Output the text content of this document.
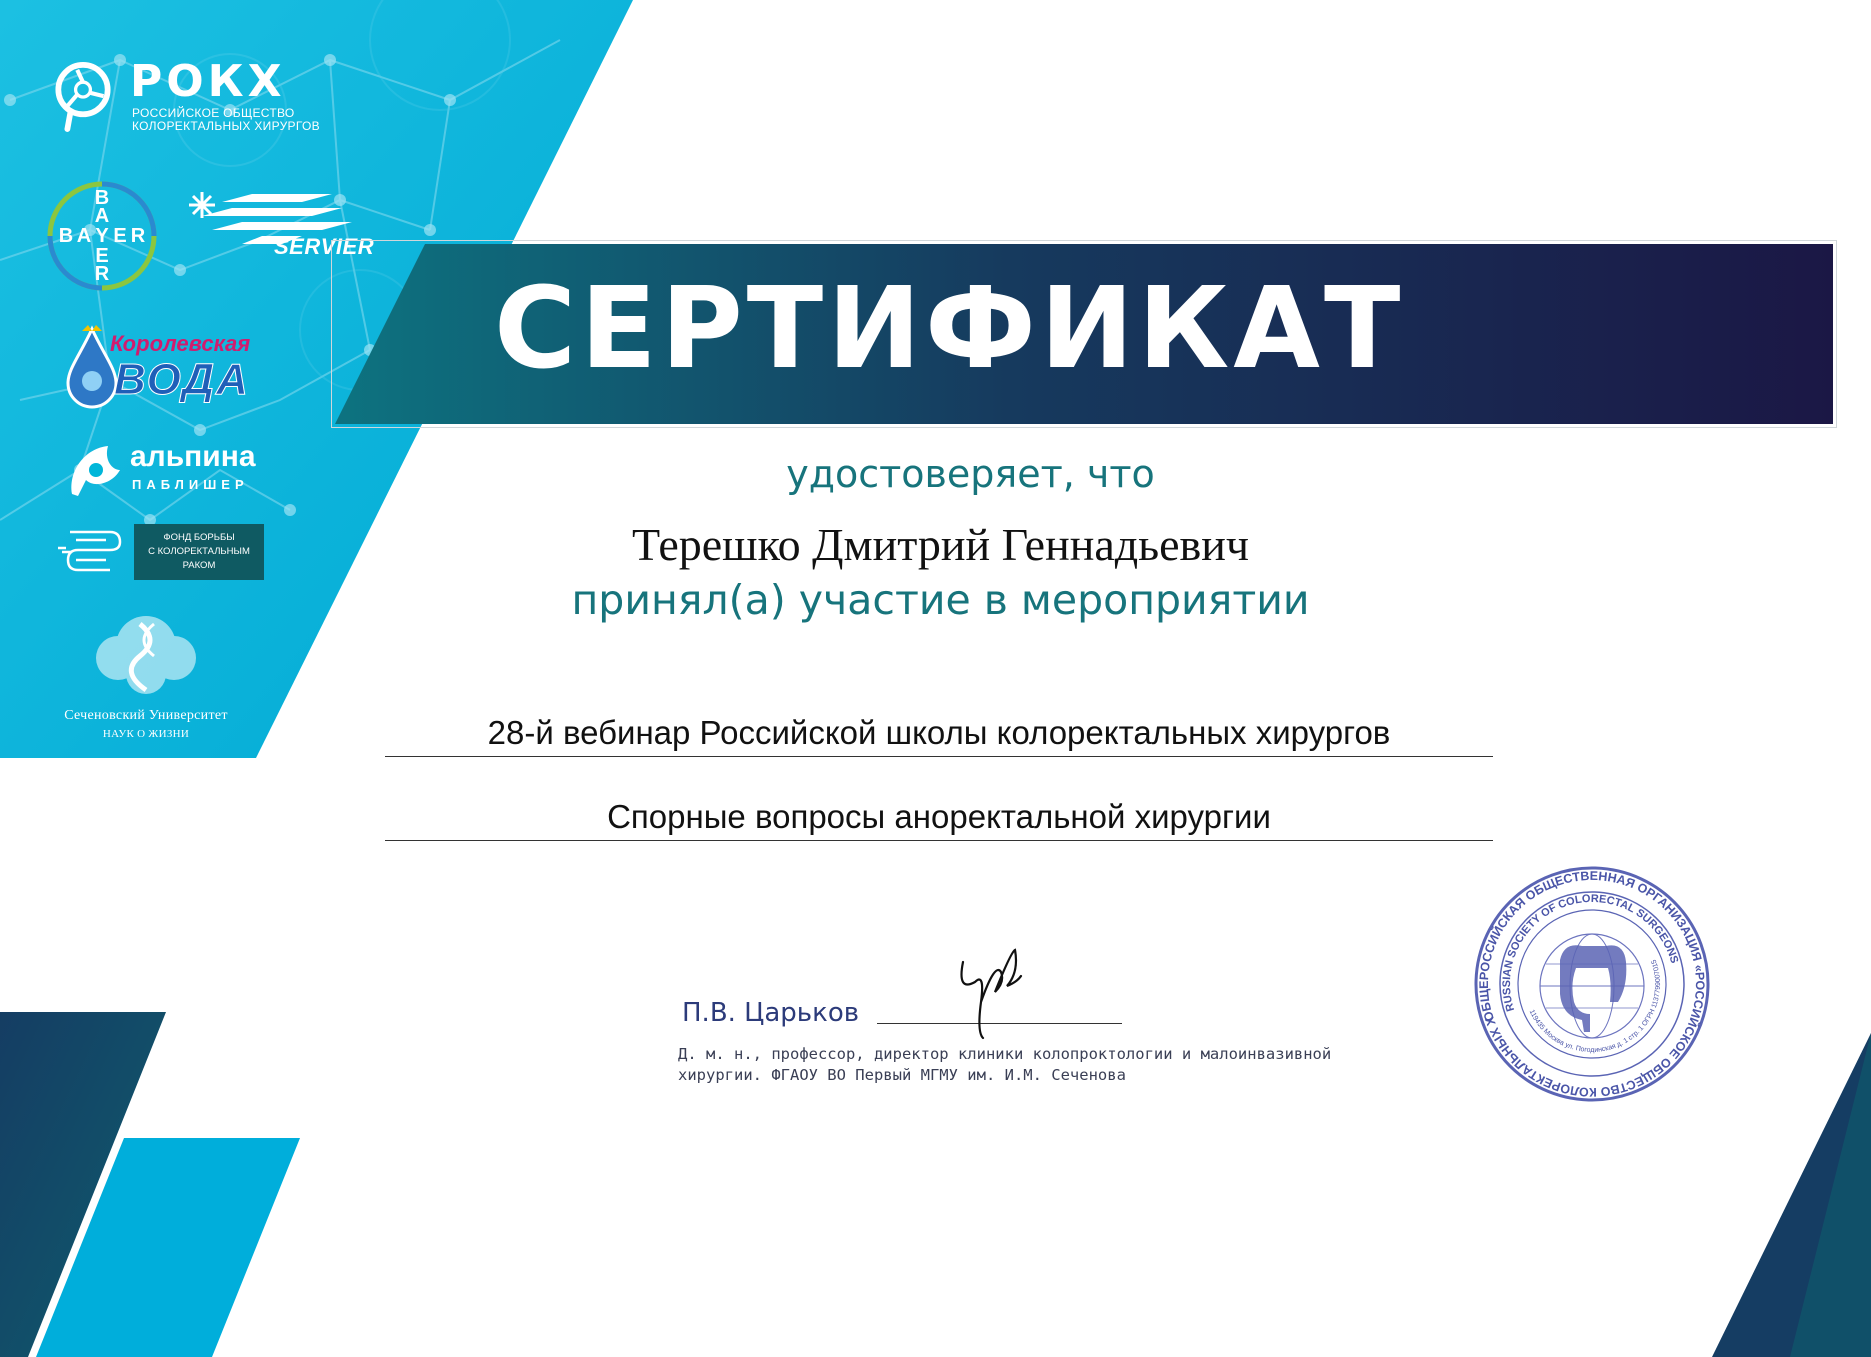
РОКХ
РОССИЙСКОЕ ОБЩЕСТВО
КОЛОРЕКТАЛЬНЫХ ХИРУРГОВ
B
A
E
R
B A Y E R	SERVIER
Королевская
ВОДА
альпина
ПАБЛИШЕР
ФОНД БОРЬБЫ
С КОЛОРЕКТАЛЬНЫМ
РАКОМ
Сеченовский Университет
НАУК О ЖИЗНИ
СЕРТИФИКАТ
удостоверяет, что
Терешко Дмитрий Геннадьевич
принял(а) участие в мероприятии
28-й вебинар Российской школы колоректальных хирургов
Спорные вопросы аноректальной хирургии
П.В. Царьков
Д. м. н., профессор, директор клиники колопроктологии и малоинвазивной
хирургии. ФГАОУ ВО Первый МГМУ им. И.М. Сеченова
ОБЩЕРОССИЙСКАЯ ОБЩЕСТВЕННАЯ ОРГАНИЗАЦИЯ «РОССИЙСКОЕ ОБЩЕСТВО КОЛОРЕКТАЛЬНЫХ ХИРУРГОВ»
RUSSIAN SOCIETY OF COLORECTAL SURGEONS
119435 Москва ул. Погодинская д. 1 стр. 1 ОГРН 1137799007015
